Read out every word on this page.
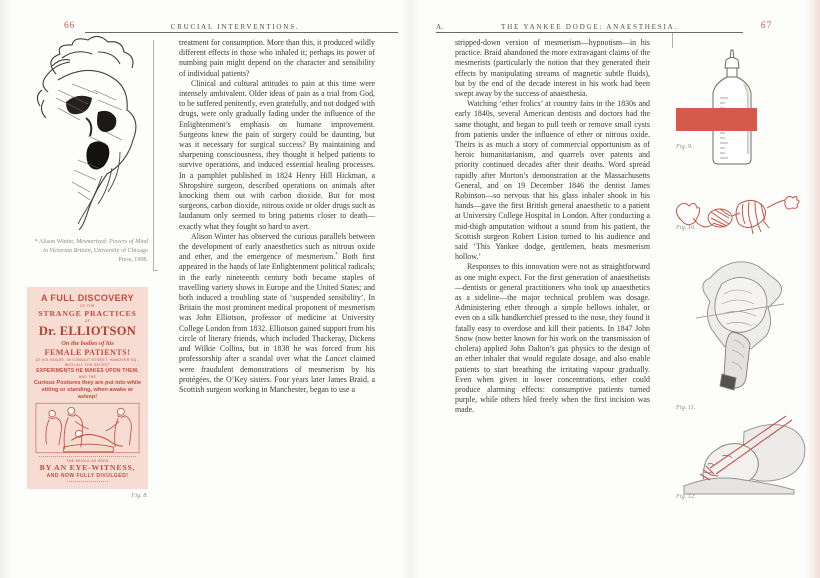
66	CRUCIAL INTERVENTIONS.
* Alison Winter, Mesmerized: Powers of Mind in Victorian Britain, University of Chicago Press, 1998.
A FULL DISCOVERY
OF THE
STRANGE PRACTICES
OF
Dr. ELLIOTSON
On the bodies of his
FEMALE PATIENTS!
AT HIS HOUSE, IN CONDUIT STREET, HANOVER SQ.,
WITH ALL THE SECRET
EXPERIMENTS HE MAKES UPON THEM,
AND THE
Curious Postures they are put into while sitting or standing, when awake or asleep!
THE WHOLE AS SEEN
BY AN EYE-WITNESS,
AND NOW FULLY DIVULGED!
Fig. 8.

treatment for consumption. More than this, it produced wildly different effects in those who inhaled it; perhaps its power of numbing pain might depend on the character and sensibility of individual patients?

Clinical and cultural attitudes to pain at this time were intensely ambivalent. Older ideas of pain as a trial from God, to be suffered penitently, even gratefully, and not dodged with drugs, were only gradually fading under the influence of the Enlightenment’s emphasis on humane improvement. Surgeons knew the pain of surgery could be daunting, but was it necessary for surgical success? By maintaining and sharpening consciousness, they thought it helped patients to survive operations, and induced essential healing processes. In a pamphlet published in 1824 Henry Hill Hickman, a Shropshire surgeon, described operations on animals after knocking them out with carbon dioxide. But for most surgeons, carbon dioxide, nitrous oxide or older drugs such as laudanum only seemed to bring patients closer to death—exactly what they fought so hard to avert.

Alison Winter has observed the curious parallels between the development of early anaesthetics such as nitrous oxide and ether, and the emergence of mesmerism.* Both first appeared in the hands of late Enlightenment political radicals; in the early nineteenth century both became staples of travelling variety shows in Europe and the United States; and both induced a troubling state of ‘suspended sensibility’. In Britain the most prominent medical proponent of mesmerism was John Elliotson, professor of medicine at University College London from 1832. Elliotson gained support from his circle of literary friends, which included Thackeray, Dickens and Wilkie Collins, but in 1838 he was forced from his professorship after a scandal over what the Lancet claimed were fraudulent demonstrations of mesmerism by his protégées, the O’Key sisters. Four years later James Braid, a Scottish surgeon working in Manchester, began to use a

A.	THE YANKEE DODGE: ANAESTHESIA.	67

stripped-down version of mesmerism—hypnotism—in his practice. Braid abandoned the more extravagant claims of the mesmerists (particularly the notion that they generated their effects by manipulating streams of magnetic subtle fluids), but by the end of the decade interest in his work had been swept away by the success of anaesthesia.

Watching ‘ether frolics’ at country fairs in the 1830s and early 1840s, several American dentists and doctors had the same thought, and began to pull teeth or remove small cysts from patients under the influence of ether or nitrous oxide. Theirs is as much a story of commercial opportunism as of heroic humanitarianism, and quarrels over patents and priority continued decades after their deaths. Word spread rapidly after Morton’s demonstration at the Massachusetts General, and on 19 December 1846 the dentist James Robinson—so nervous that his glass inhaler shook in his hands—gave the first British general anaesthetic to a patient at University College Hospital in London. After conducting a mid-thigh amputation without a sound from his patient, the Scottish surgeon Robert Liston turned to his audience and said ‘This Yankee dodge, gentlemen, beats mesmerism hollow.’

Responses to this innovation were not as straightforward as one might expect. For the first generation of anaesthetists—dentists or general practitioners who took up anaesthetics as a sideline—the major technical problem was dosage. Administering ether through a simple bellows inhaler, or even on a silk handkerchief pressed to the nose, they found it fatally easy to overdose and kill their patients. In 1847 John Snow (now better known for his work on the transmission of cholera) applied John Dalton’s gas physics to the design of an ether inhaler that would regulate dosage, and also enable patients to start breathing the irritating vapour gradually. Even when given in lower concentrations, ether could produce alarming effects: consumptive patients turned purple, while others bled freely when the first incision was made.

Fig. 9.
Fig. 10.
Fig. 11.
Fig. 12.
